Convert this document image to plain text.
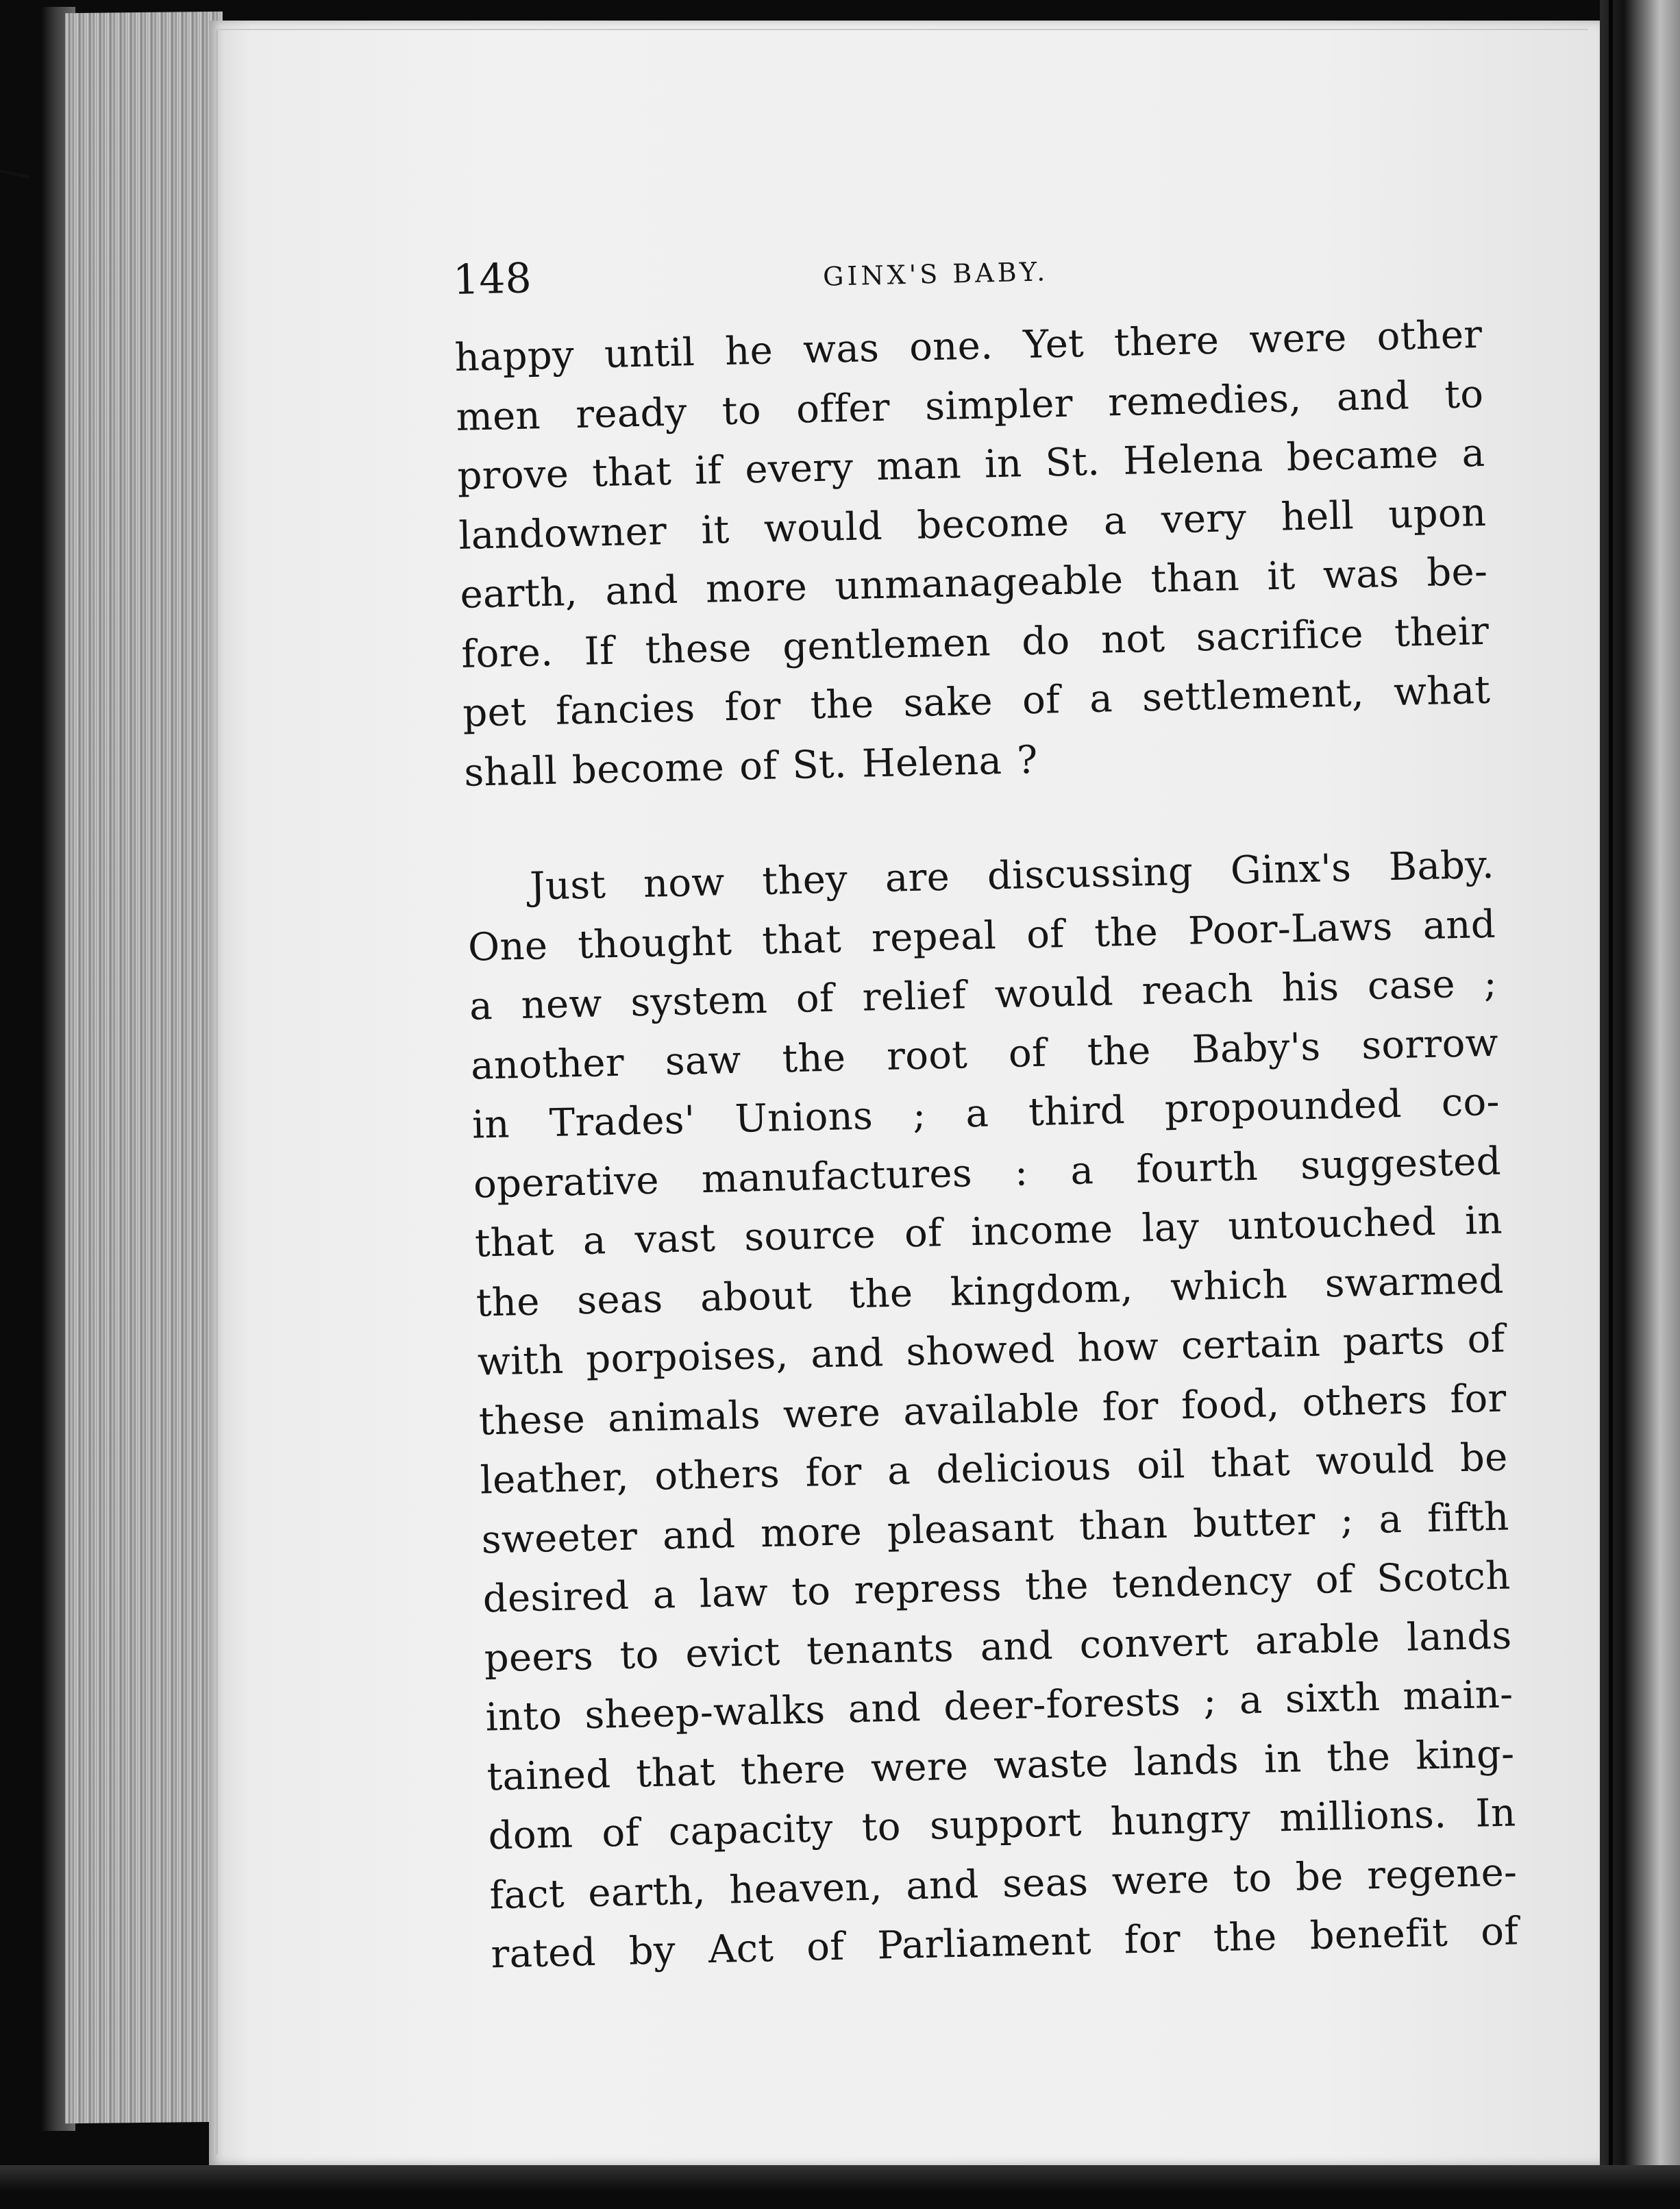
148	GINX'S BABY.
happy until he was one. Yet there were other
men ready to offer simpler remedies, and to
prove that if every man in St. Helena became a
landowner it would become a very hell upon
earth, and more unmanageable than it was be-
fore. If these gentlemen do not sacrifice their
pet fancies for the sake of a settlement, what
shall become of St. Helena ?
Just now they are discussing Ginx's Baby.
One thought that repeal of the Poor-Laws and
a new system of relief would reach his case ;
another saw the root of the Baby's sorrow
in Trades' Unions ; a third propounded co-
operative manufactures : a fourth suggested
that a vast source of income lay untouched in
the seas about the kingdom, which swarmed
with porpoises, and showed how certain parts of
these animals were available for food, others for
leather, others for a delicious oil that would be
sweeter and more pleasant than butter ; a fifth
desired a law to repress the tendency of Scotch
peers to evict tenants and convert arable lands
into sheep-walks and deer-forests ; a sixth main-
tained that there were waste lands in the king-
dom of capacity to support hungry millions. In
fact earth, heaven, and seas were to be regene-
rated by Act of Parliament for the benefit of
